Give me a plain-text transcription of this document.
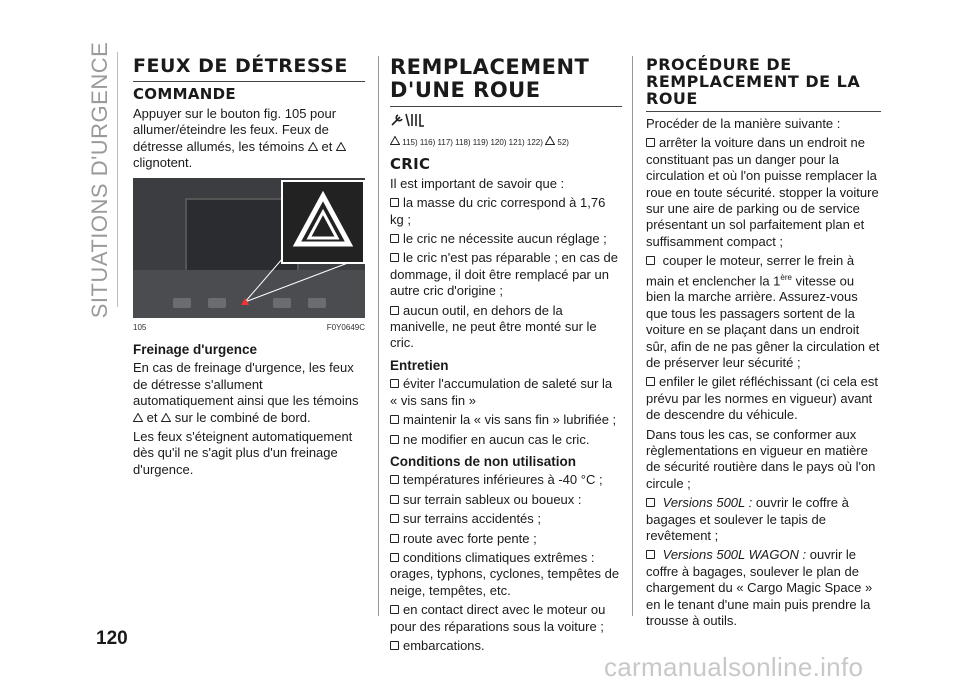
SITUATIONS D'URGENCE FEUX DE DÉTRESSE
COMMANDE

Appuyer sur le bouton fig. 105 pour allumer/éteindre les feux. Feux de détresse allumés, les témoins et  clignotent.

105	F0Y0649C
Freinage d'urgence

En cas de freinage d'urgence, les feux de détresse s'allument automatiquement ainsi que les témoins  et sur le combiné de bord.

Les feux s'éteignent automatiquement dès qu'il ne s'agit plus d'un freinage d'urgence.

REMPLACEMENT D'UNE ROUE
115) 116) 117) 118) 119) 120) 121) 122) 52)
CRIC

Il est important de savoir que :

la masse du cric correspond à 1,76 kg ;

le cric ne nécessite aucun réglage ;

le cric n'est pas réparable ; en cas de dommage, il doit être remplacé par un autre cric d'origine ;

aucun outil, en dehors de la manivelle, ne peut être monté sur le cric.

Entretien

éviter l'accumulation de saleté sur la « vis sans fin »

maintenir la « vis sans fin » lubrifiée ;

ne modifier en aucun cas le cric.

Conditions de non utilisation

températures inférieures à -40 °C ;

sur terrain sableux ou boueux :

sur terrains accidentés ;

route avec forte pente ;

conditions climatiques extrêmes : orages, typhons, cyclones, tempêtes de neige, tempêtes, etc.

en contact direct avec le moteur ou pour des réparations sous la voiture ;

embarcations.

PROCÉDURE DE REMPLACEMENT DE LA ROUE

Procéder de la manière suivante :

arrêter la voiture dans un endroit ne constituant pas un danger pour la circulation et où l'on puisse remplacer la roue en toute sécurité. stopper la voiture sur une aire de parking ou de service présentant un sol parfaitement plan et suffisamment compact ;

couper le moteur, serrer le frein à main et enclencher la 1ère vitesse ou bien la marche arrière. Assurez-vous que tous les passagers sortent de la voiture en se plaçant dans un endroit sûr, afin de ne pas gêner la circulation et de préserver leur sécurité ;

enfiler le gilet réfléchissant (ci cela est prévu par les normes en vigueur) avant de descendre du véhicule.

Dans tous les cas, se conformer aux règlementations en vigueur en matière de sécurité routière dans le pays où l'on circule ;

Versions 500L : ouvrir le coffre à bagages et soulever le tapis de revêtement ;

Versions 500L WAGON : ouvrir le coffre à bagages, soulever le plan de chargement du « Cargo Magic Space » en le tenant d'une main puis prendre la trousse à outils.

120
carmanualsonline.info
